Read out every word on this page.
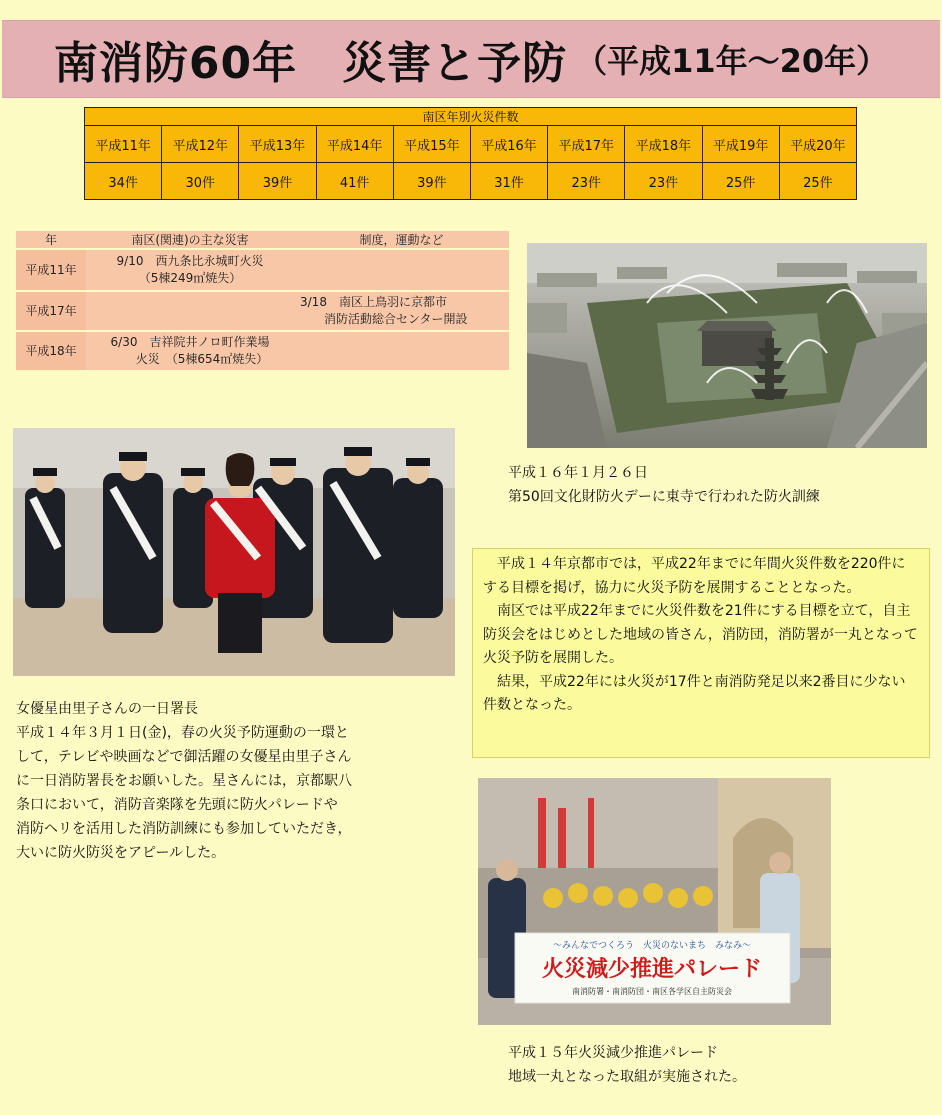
南消防60年　災害と予防 （平成11年～20年）
南区年別火災件数									
平成11年	平成12年	平成13年	平成14年	平成15年	平成16年	平成17年	平成18年	平成19年	平成20年
34件	30件	39件	41件	39件	31件	23件	23件	25件	25件
年	南区(関連)の主な災害	制度，運動など
平成11年	9/10　西九条比永城町火災
（5棟249㎡焼失）	
平成17年		3/18　南区上鳥羽に京都市
　　消防活動総合センター開設
平成18年	6/30　吉祥院井ノロ町作業場
　　火災　（5棟654㎡焼失）	
平成１６年１月２６日
第50回文化財防火デーに東寺で行われた防火訓練

女優星由里子さんの一日署長

平成１４年３月１日(金)，春の火災予防運動の一環と

して，テレビや映画などで御活躍の女優星由里子さん

に一日消防署長をお願いした。星さんには，京都駅八

条口において，消防音楽隊を先頭に防火パレードや

消防ヘリを活用した消防訓練にも参加していただき，

大いに防火防災をアピールした。

平成１４年京都市では，平成22年までに年間火災件数を220件にする目標を掲げ，協力に火災予防を展開することとなった。

南区では平成22年までに火災件数を21件にする目標を立て，自主防災会をはじめとした地域の皆さん，消防団，消防署が一丸となって火災予防を展開した。

結果，平成22年には火災が17件と南消防発足以来2番目に少ない件数となった。

～みんなでつくろう　火災のないまち　みなみ～
火災減少推進パレード
南消防署・南消防団・南区各学区自主防災会
平成１５年火災減少推進パレード
地域一丸となった取組が実施された。
